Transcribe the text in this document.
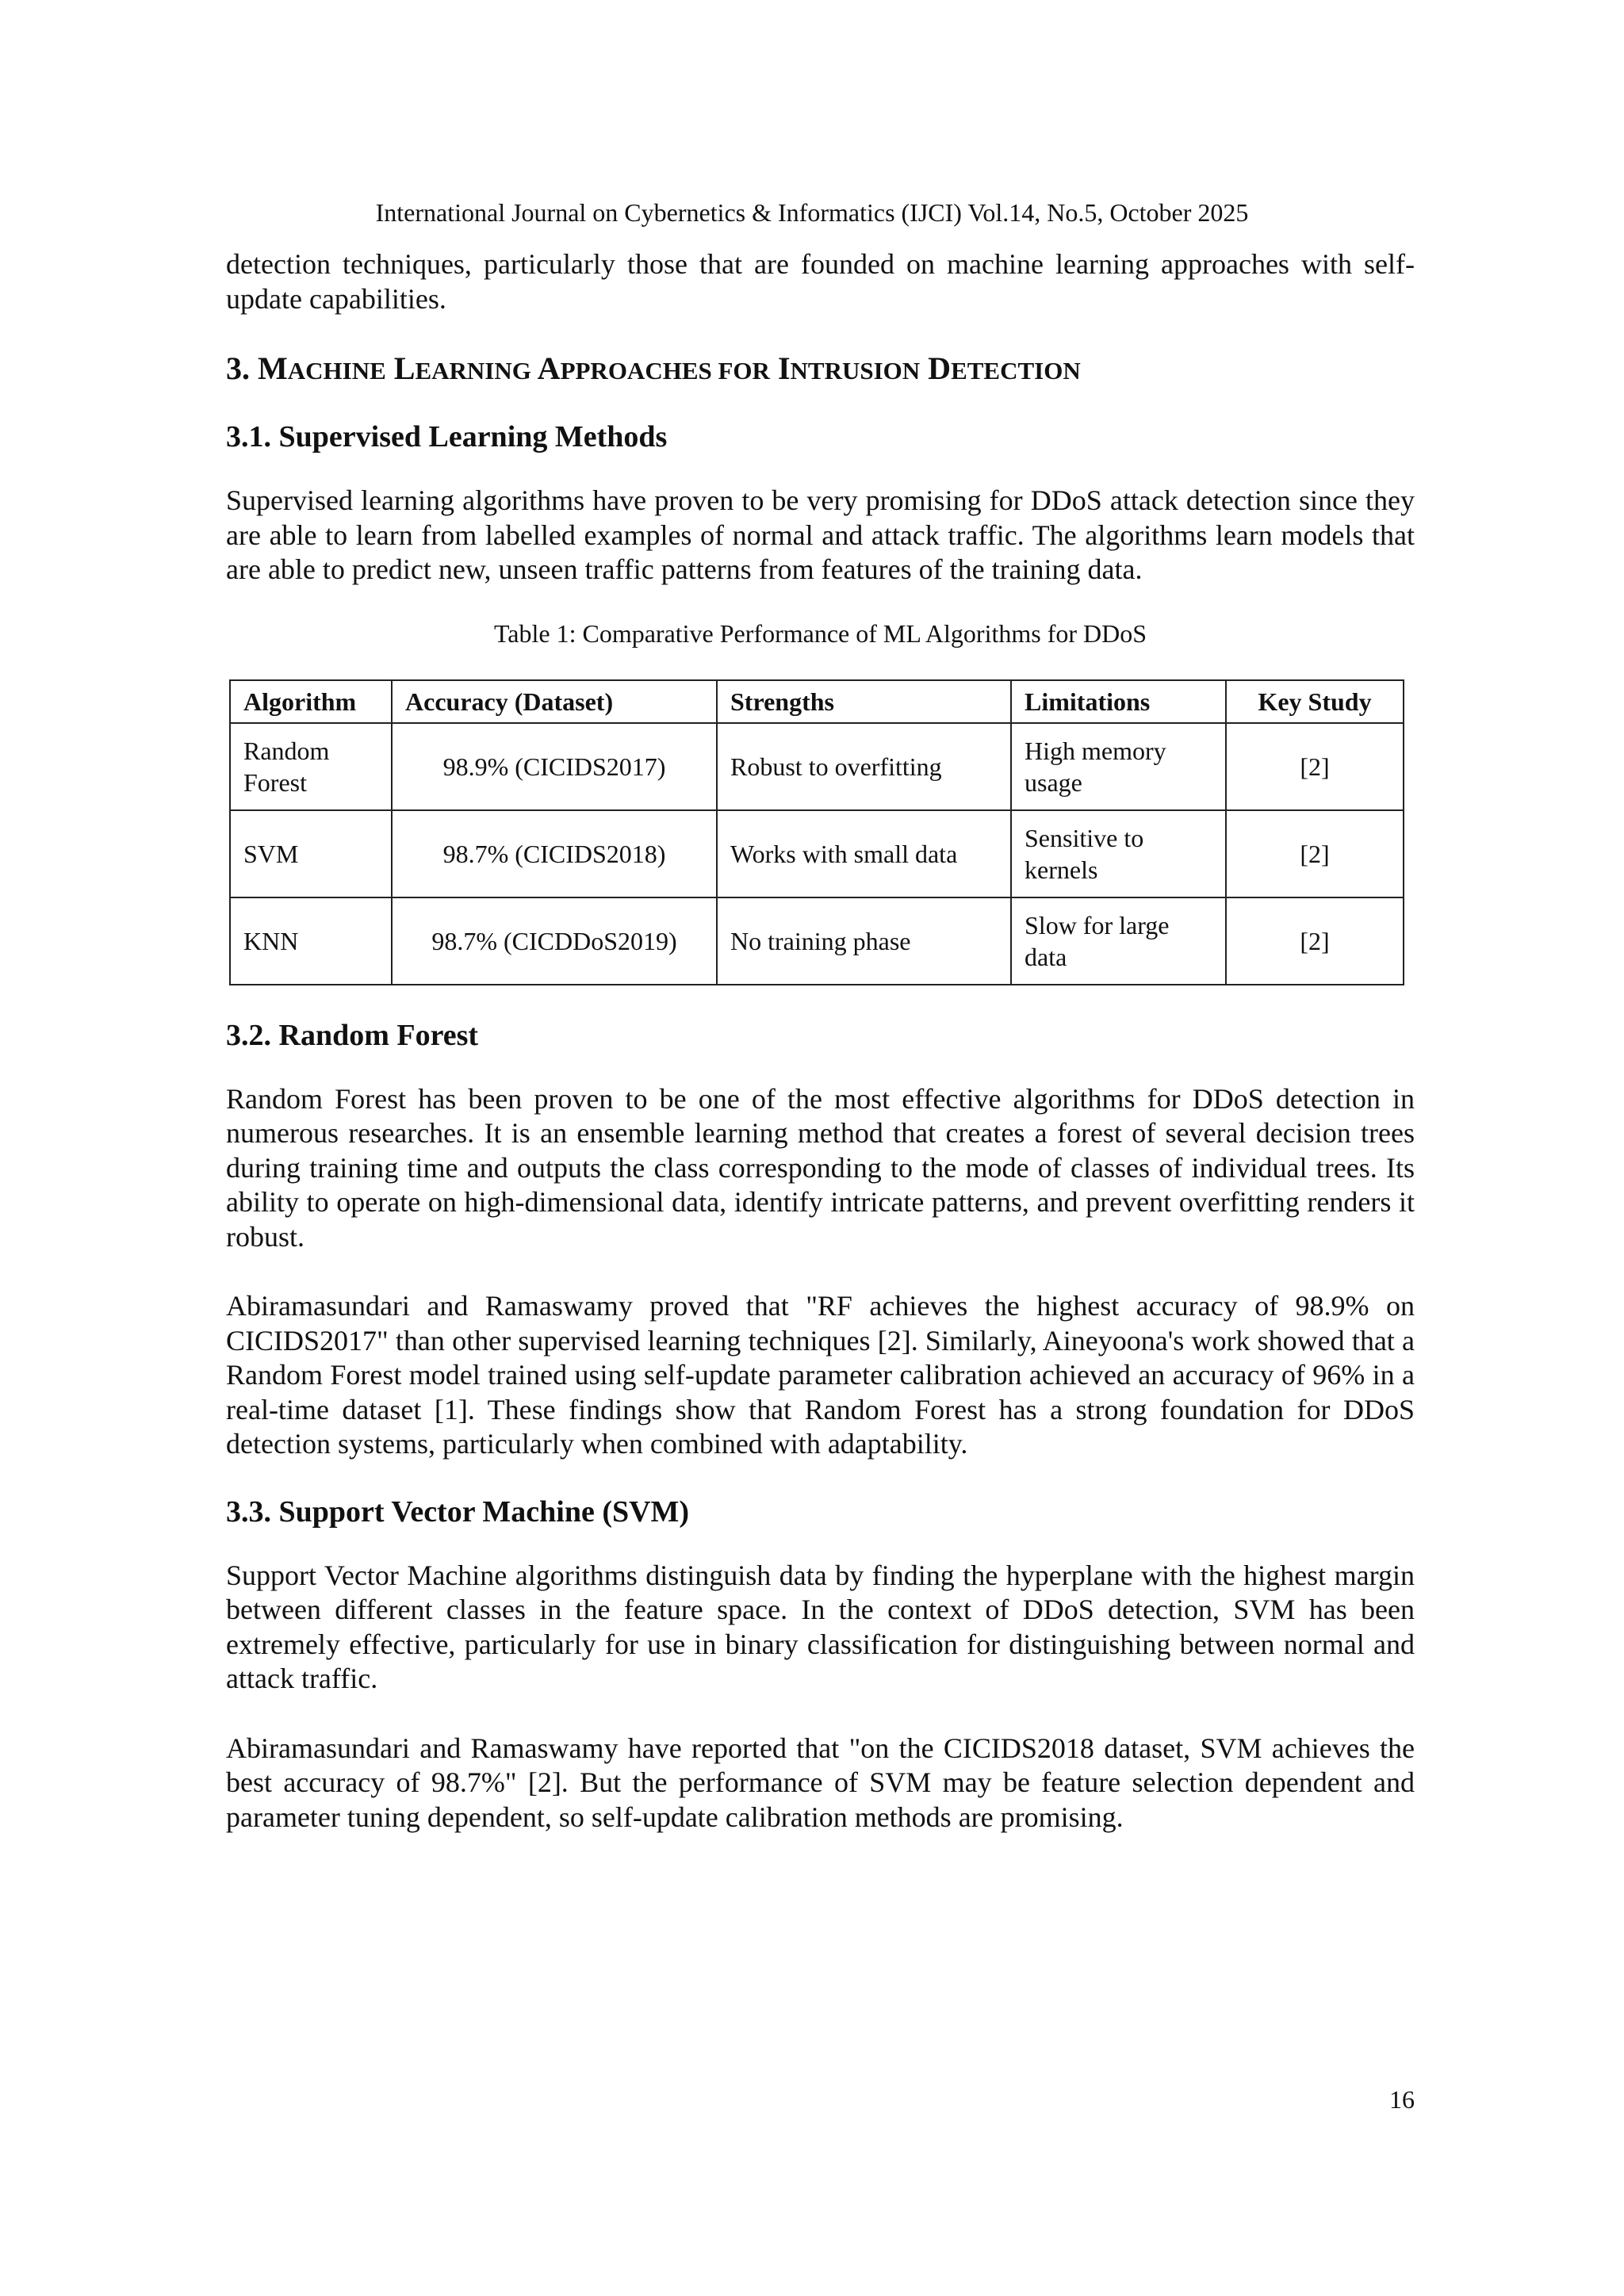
International Journal on Cybernetics & Informatics (IJCI) Vol.14, No.5, October 2025

detection techniques, particularly those that are founded on machine learning approaches with self-update capabilities.

3. MACHINE LEARNING APPROACHES FOR INTRUSION DETECTION
3.1. Supervised Learning Methods

Supervised learning algorithms have proven to be very promising for DDoS attack detection since they are able to learn from labelled examples of normal and attack traffic. The algorithms learn models that are able to predict new, unseen traffic patterns from features of the training data.

Table 1: Comparative Performance of ML Algorithms for DDoS

Algorithm	Accuracy (Dataset)	Strengths	Limitations	Key Study
Random Forest	98.9% (CICIDS2017)	Robust to overfitting	High memory usage	[2]
SVM	98.7% (CICIDS2018)	Works with small data	Sensitive to kernels	[2]
KNN	98.7% (CICDDoS2019)	No training phase	Slow for large data	[2]
3.2. Random Forest

Random Forest has been proven to be one of the most effective algorithms for DDoS detection in numerous researches. It is an ensemble learning method that creates a forest of several decision trees during training time and outputs the class corresponding to the mode of classes of individual trees. Its ability to operate on high-dimensional data, identify intricate patterns, and prevent overfitting renders it robust.

Abiramasundari and Ramaswamy proved that "RF achieves the highest accuracy of 98.9% on CICIDS2017" than other supervised learning techniques [2]. Similarly, Aineyoona's work showed that a Random Forest model trained using self-update parameter calibration achieved an accuracy of 96% in a real-time dataset [1]. These findings show that Random Forest has a strong foundation for DDoS detection systems, particularly when combined with adaptability.

3.3. Support Vector Machine (SVM)

Support Vector Machine algorithms distinguish data by finding the hyperplane with the highest margin between different classes in the feature space. In the context of DDoS detection, SVM has been extremely effective, particularly for use in binary classification for distinguishing between normal and attack traffic.

Abiramasundari and Ramaswamy have reported that "on the CICIDS2018 dataset, SVM achieves the best accuracy of 98.7%" [2]. But the performance of SVM may be feature selection dependent and parameter tuning dependent, so self-update calibration methods are promising.

16
